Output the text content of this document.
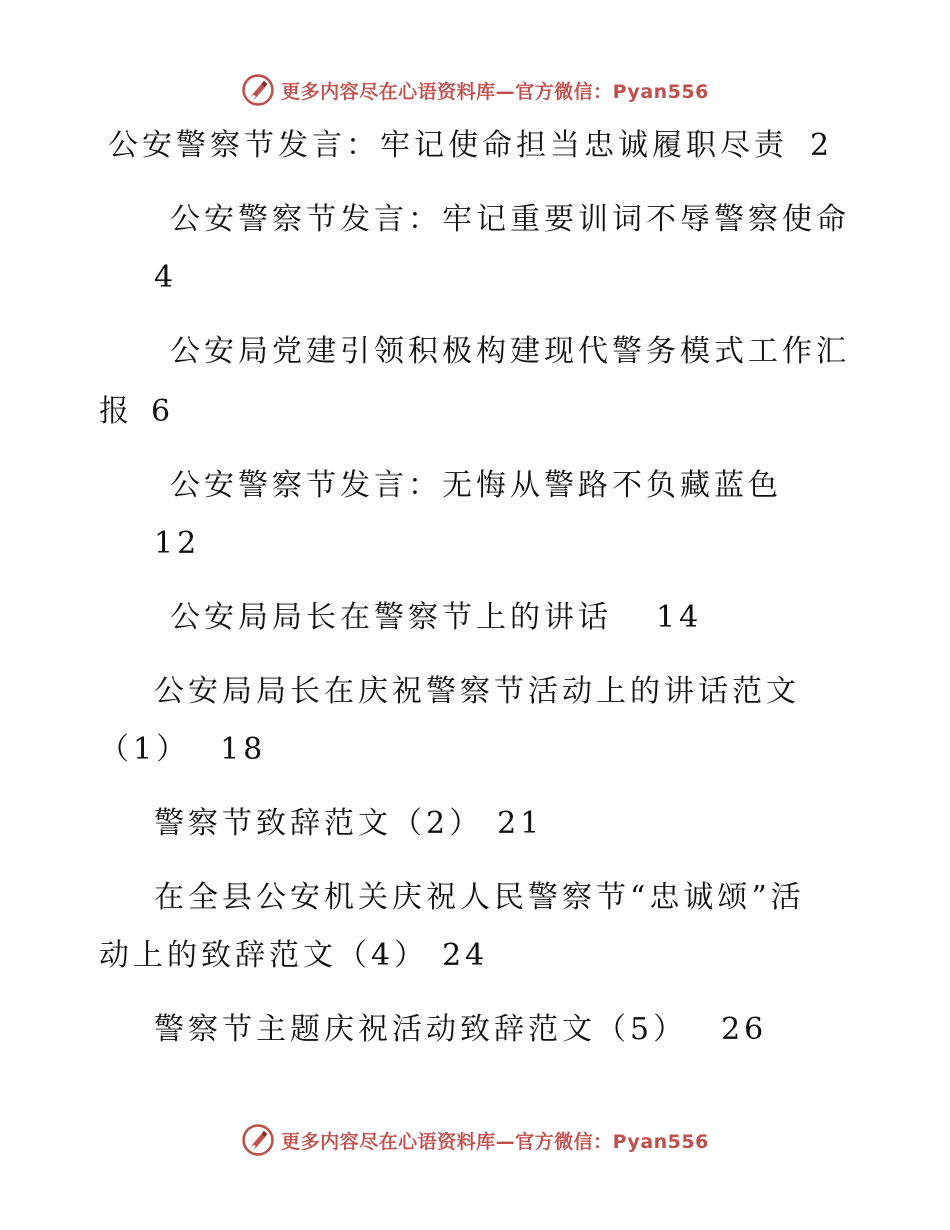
更多内容尽在心语资料库—官方微信：Pyan556
公安警察节发言：牢记使命担当忠诚履职尽责 2
公安警察节发言：牢记重要训词不辱警察使命
4
公安局党建引领积极构建现代警务模式工作汇
报 6
公安警察节发言：无悔从警路不负藏蓝色
12
公安局局长在警察节上的讲话 14
公安局局长在庆祝警察节活动上的讲话范文
（1） 18
警察节致辞范文（2） 21
在全县公安机关庆祝人民警察节“忠诚颂”活
动上的致辞范文（4） 24
警察节主题庆祝活动致辞范文（5） 26
更多内容尽在心语资料库—官方微信：Pyan556
